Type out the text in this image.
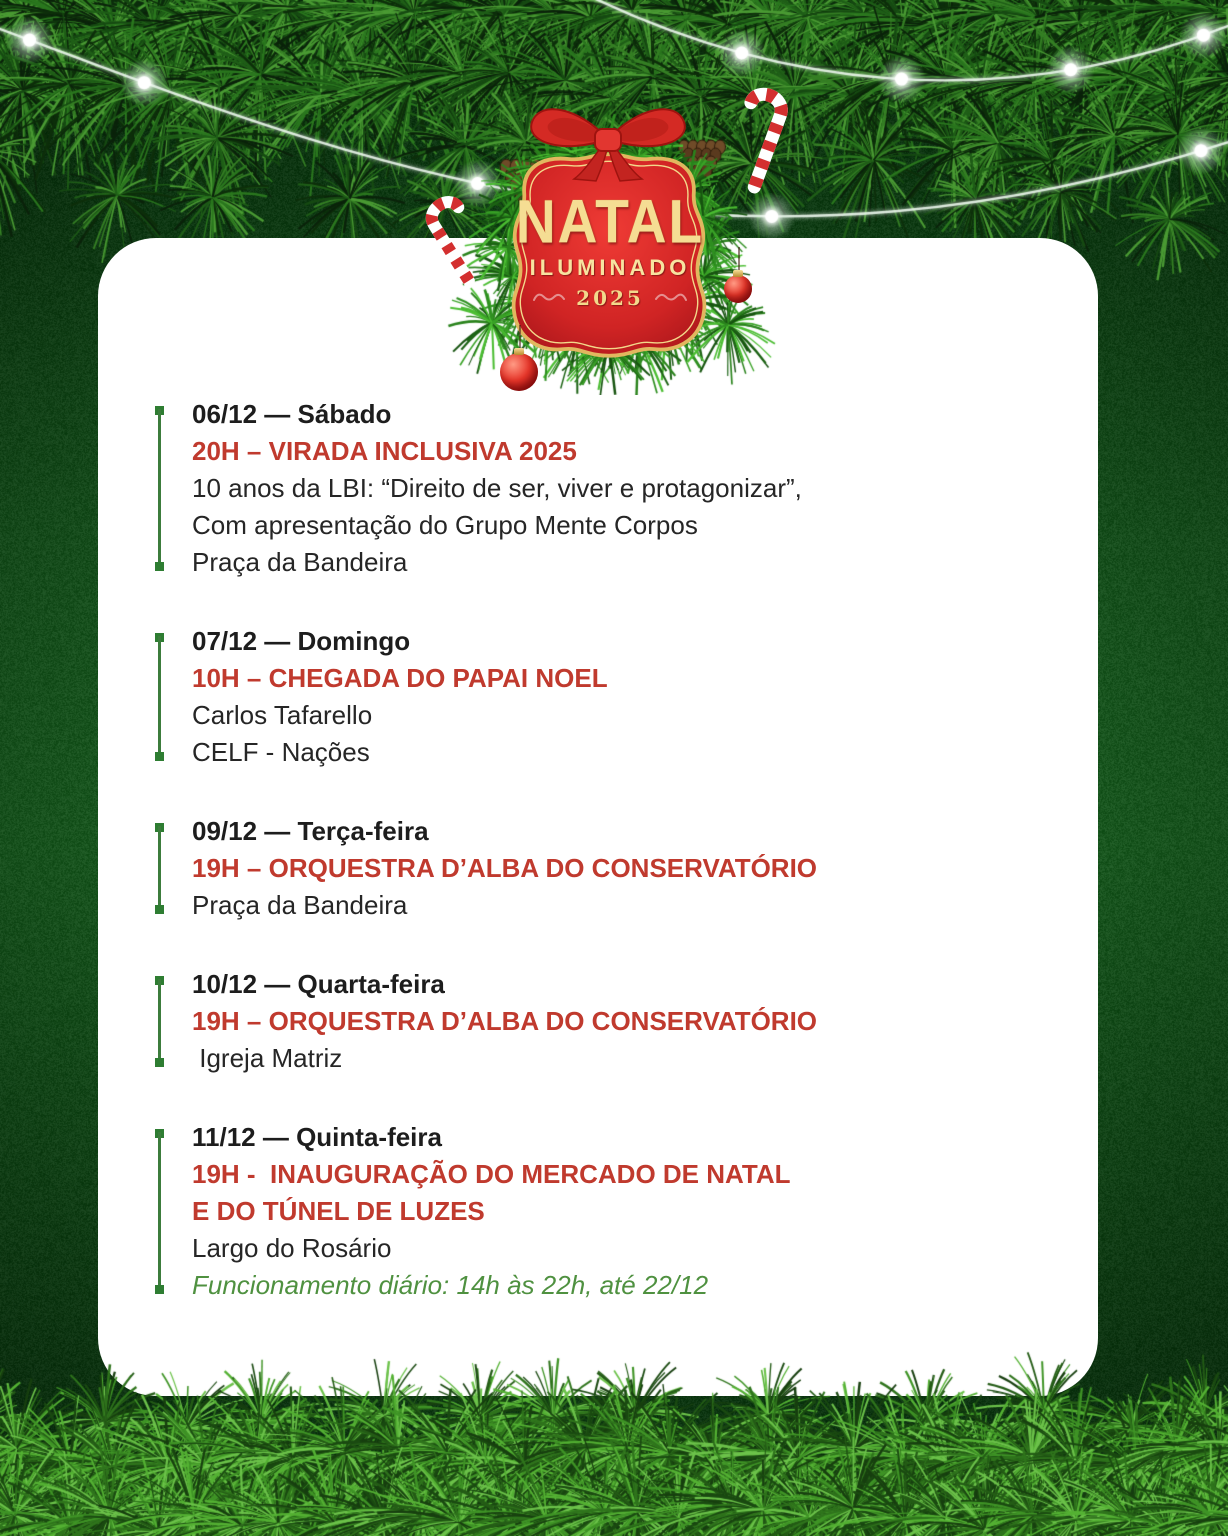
06/12 — Sábado
20H – VIRADA INCLUSIVA 2025
10 anos da LBI: “Direito de ser, viver e protagonizar”,
Com apresentação do Grupo Mente Corpos
Praça da Bandeira
07/12 — Domingo
10H – CHEGADA DO PAPAI NOEL
Carlos Tafarello
CELF - Nações
09/12 — Terça-feira
19H – ORQUESTRA D’ALBA DO CONSERVATÓRIO
Praça da Bandeira
10/12 — Quarta-feira
19H – ORQUESTRA D’ALBA DO CONSERVATÓRIO
Igreja Matriz
11/12 — Quinta-feira
19H -  INAUGURAÇÃO DO MERCADO DE NATAL
E DO TÚNEL DE LUZES
Largo do Rosário
Funcionamento diário: 14h às 22h, até 22/12
NATAL
ILUMINADO
2025
